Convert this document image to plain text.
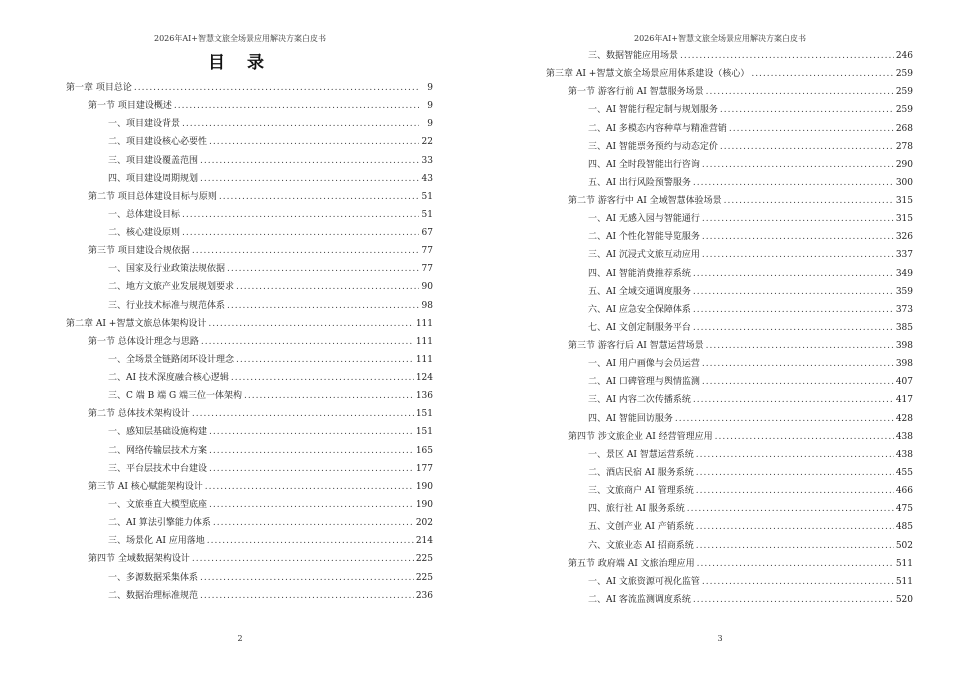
2026年AI+智慧文旅全场景应用解决方案白皮书
目 录
第一章 项目总论 .....	9
第一节 项目建设概述 .....	9
一、项目建设背景 .....	9
二、项目建设核心必要性 .....	22
三、项目建设覆盖范围 .....	33
四、项目建设周期规划 .....	43
第二节 项目总体建设目标与原则 .....	51
一、总体建设目标 .....	51
二、核心建设原则 .....	67
第三节 项目建设合规依据 .....	77
一、国家及行业政策法规依据 .....	77
二、地方文旅产业发展规划要求 .....	90
三、行业技术标准与规范体系 .....	98
第二章 AI +智慧文旅总体架构设计 .....	111
第一节 总体设计理念与思路 .....	111
一、全场景全链路闭环设计理念 .....	111
二、AI 技术深度融合核心逻辑 .....	124
三、C 端 B 端 G 端三位一体架构 .....	136
第二节 总体技术架构设计 .....	151
一、感知层基础设施构建 .....	151
二、网络传输层技术方案 .....	165
三、平台层技术中台建设 .....	177
第三节 AI 核心赋能架构设计 .....	190
一、文旅垂直大模型底座 .....	190
二、AI 算法引擎能力体系 .....	202
三、场景化 AI 应用落地 .....	214
第四节 全域数据架构设计 .....	225
一、多源数据采集体系 .....	225
二、数据治理标准规范 .....	236
2
2026年AI+智慧文旅全场景应用解决方案白皮书
三、数据智能应用场景 .....	246
第三章 AI +智慧文旅全场景应用体系建设（核心） .....	259
第一节 游客行前 AI 智慧服务场景 .....	259
一、AI 智能行程定制与规划服务 .....	259
二、AI 多模态内容种草与精准营销 .....	268
三、AI 智能票务预约与动态定价 .....	278
四、AI 全时段智能出行咨询 .....	290
五、AI 出行风险预警服务 .....	300
第二节 游客行中 AI 全域智慧体验场景 .....	315
一、AI 无感入园与智能通行 .....	315
二、AI 个性化智能导览服务 .....	326
三、AI 沉浸式文旅互动应用 .....	337
四、AI 智能消费推荐系统 .....	349
五、AI 全域交通调度服务 .....	359
六、AI 应急安全保障体系 .....	373
七、AI 文创定制服务平台 .....	385
第三节 游客行后 AI 智慧运营场景 .....	398
一、AI 用户画像与会员运营 .....	398
二、AI 口碑管理与舆情监测 .....	407
三、AI 内容二次传播系统 .....	417
四、AI 智能回访服务 .....	428
第四节 涉文旅企业 AI 经营管理应用 .....	438
一、景区 AI 智慧运营系统 .....	438
二、酒店民宿 AI 服务系统 .....	455
三、文旅商户 AI 管理系统 .....	466
四、旅行社 AI 服务系统 .....	475
五、文创产业 AI 产销系统 .....	485
六、文旅业态 AI 招商系统 .....	502
第五节 政府端 AI 文旅治理应用 .....	511
一、AI 文旅资源可视化监管 .....	511
二、AI 客流监测调度系统 .....	520
3
